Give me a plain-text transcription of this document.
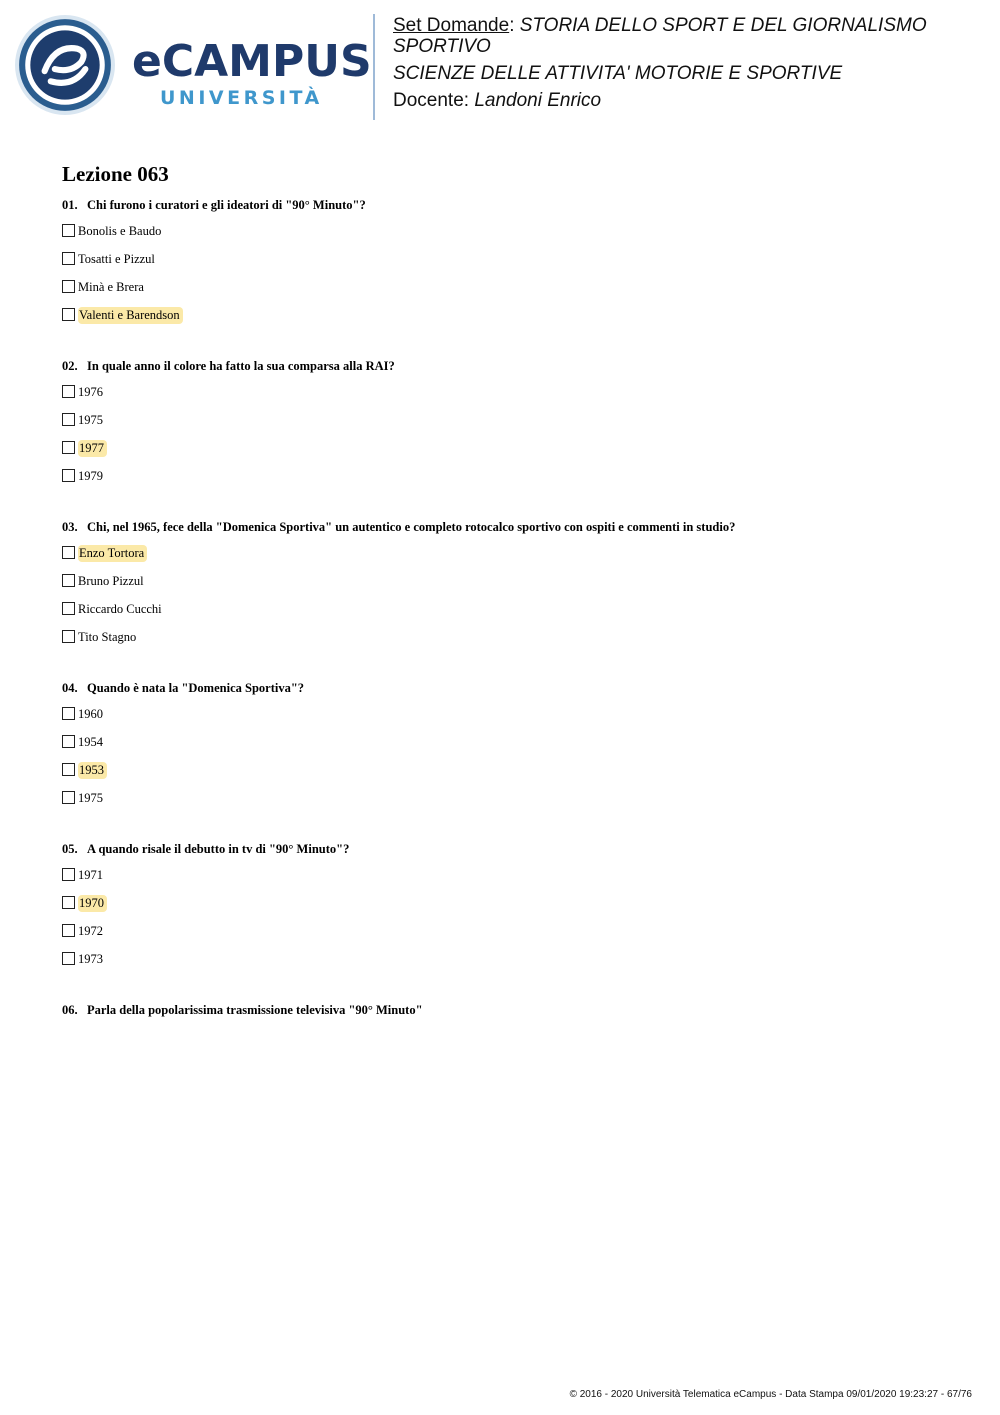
eCAMPUS
UNIVERSITÀ

Set Domande: STORIA DELLO SPORT E DEL GIORNALISMO

SPORTIVO

SCIENZE DELLE ATTIVITA' MOTORIE E SPORTIVE

Docente: Landoni Enrico

Lezione 063
01. Chi furono i curatori e gli ideatori di "90° Minuto"?
Bonolis e Baudo
Tosatti e Pizzul
Minà e Brera
Valenti e Barendson
02. In quale anno il colore ha fatto la sua comparsa alla RAI?
1976
1975
1977
1979
03. Chi, nel 1965, fece della "Domenica Sportiva" un autentico e completo rotocalco sportivo con ospiti e commenti in studio?
Enzo Tortora
Bruno Pizzul
Riccardo Cucchi
Tito Stagno
04. Quando è nata la "Domenica Sportiva"?
1960
1954
1953
1975
05. A quando risale il debutto in tv di "90° Minuto"?
1971
1970
1972
1973
06. Parla della popolarissima trasmissione televisiva "90° Minuto"
© 2016 - 2020 Università Telematica eCampus - Data Stampa 09/01/2020 19:23:27 - 67/76
